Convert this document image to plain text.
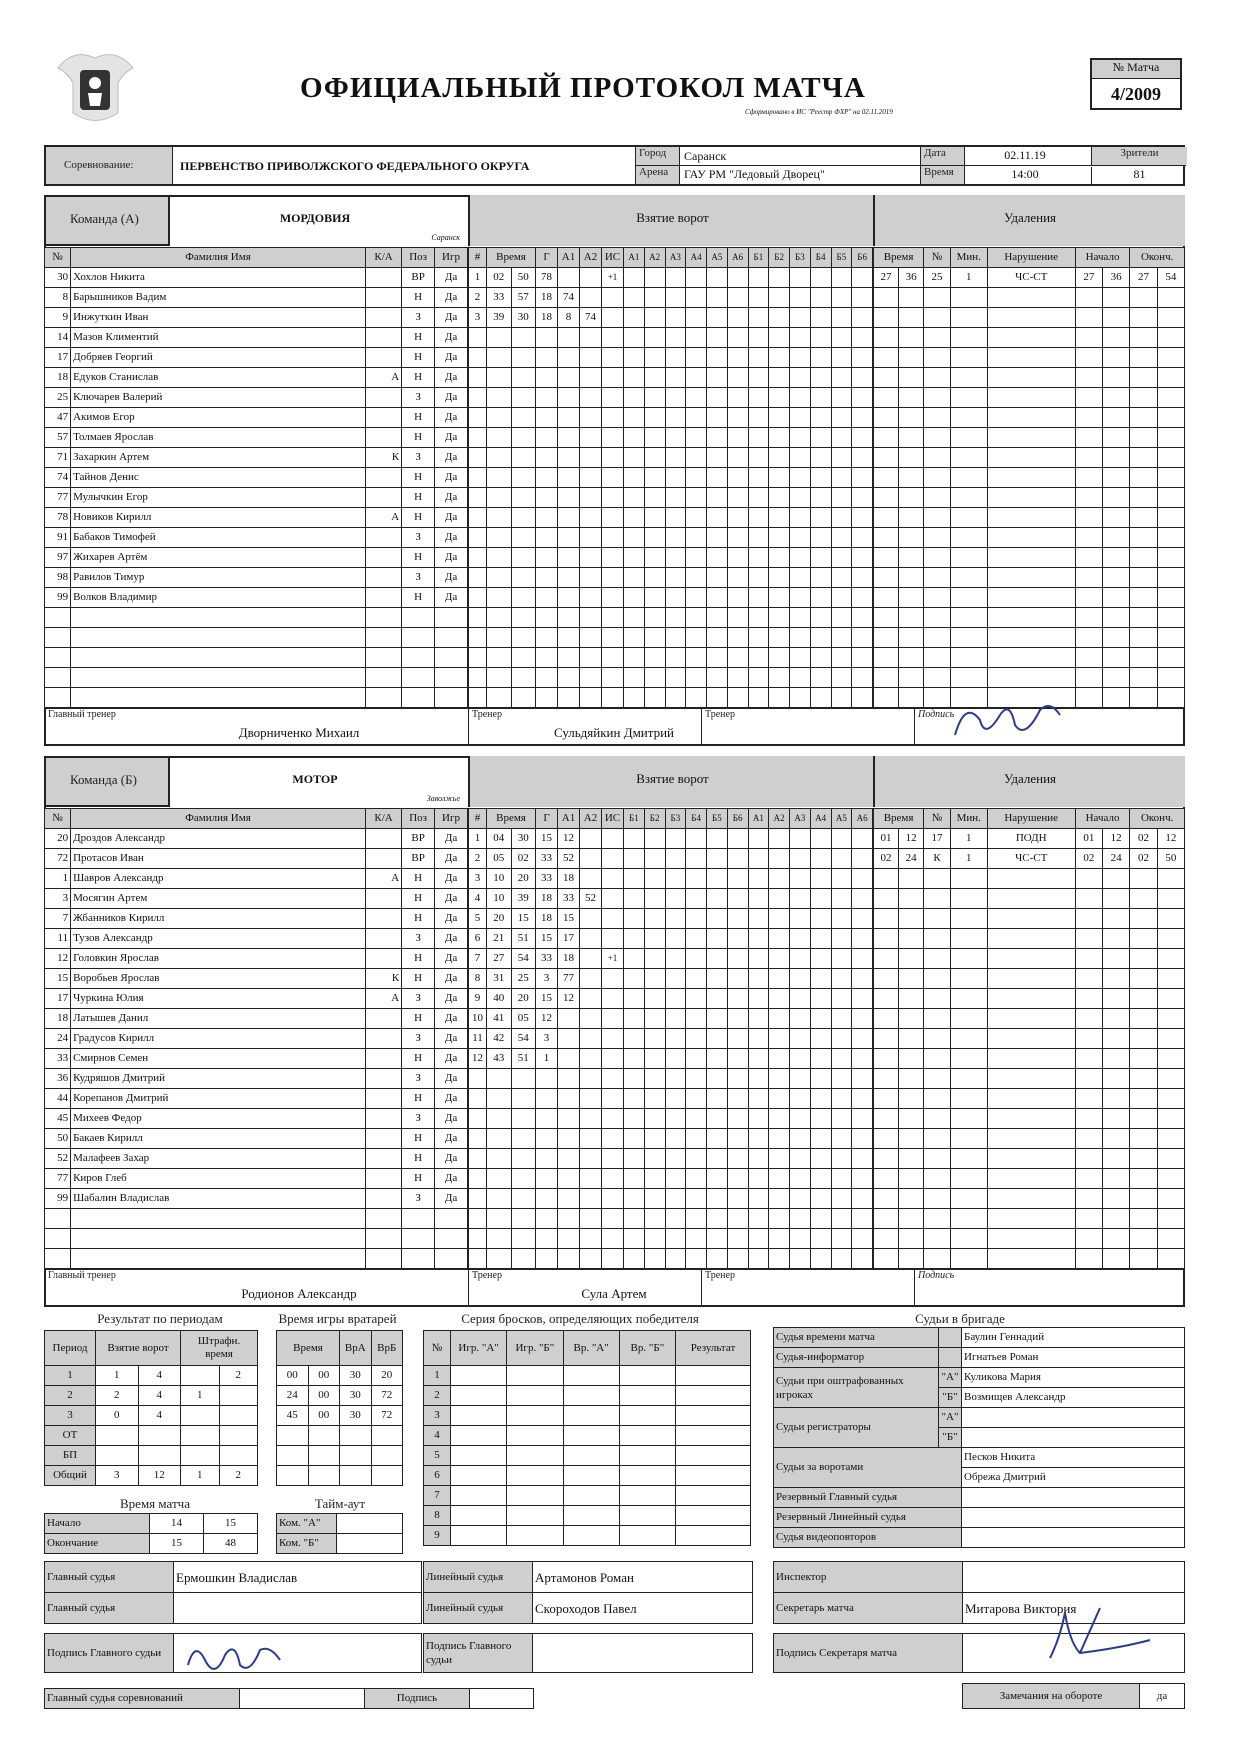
ОФИЦИАЛЬНЫЙ ПРОТОКОЛ МАТЧА
Сформировано в ИС "Реестр ФХР" на 02.11.2019
№ Матча
4/2009
Соревнование:	ПЕРВЕНСТВО ПРИВОЛЖСКОГО ФЕДЕРАЛЬНОГО ОКРУГА
Город	Саранск
Арена	ГАУ РМ "Ледовый Дворец"
Дата	02.11.19
Время	14:00
Зрители
81
Команда (А)	МОРДОВИЯ
Саранск
Взятие ворот	Удаления
№	Фамилия Имя	К/А	Поз	Игр
30	Хохлов Никита		ВР	Да
8	Барышников Вадим		Н	Да
9	Инжуткин Иван		З	Да
14	Мазов Климентий		Н	Да
17	Добряев Георгий		Н	Да
18	Едуков Станислав	А	Н	Да
25	Ключарев Валерий		З	Да
47	Акимов Егор		Н	Да
57	Толмаев Ярослав		Н	Да
71	Захаркин Артем	К	З	Да
74	Тайнов Денис		Н	Да
77	Мулычкин Егор		Н	Да
78	Новиков Кирилл	А	Н	Да
91	Бабаков Тимофей		З	Да
97	Жихарев Артём		Н	Да
98	Равилов Тимур		З	Да
99	Волков Владимир		Н	Да

#	Время		Г	А1	А2	ИС	А1	А2	А3	А4	А5	А6	Б1	Б2	Б3	Б4	Б5	Б6
1	02	50	78			+1												
2	33	57	18	74														
3	39	30	18	8	74													

Время		№	Мин.	Нарушение	Начало		Оконч.	
27	36	25	1	ЧС-СТ	27	36	27	54

Главный тренер
Дворниченко Михаил
Тренер
Сульдяйкин Дмитрий
Тренер	Подпись
Команда (Б)	МОТОР
Заволжье
Взятие ворот	Удаления
№	Фамилия Имя	К/А	Поз	Игр
20	Дроздов Александр		ВР	Да
72	Протасов Иван		ВР	Да
1	Шавров Александр	А	Н	Да
3	Мосягин Артем		Н	Да
7	Жбанников Кирилл		Н	Да
11	Тузов Александр		З	Да
12	Головкин Ярослав		Н	Да
15	Воробьев Ярослав	К	Н	Да
17	Чуркина Юлия	А	З	Да
18	Латышев Данил		Н	Да
24	Градусов Кирилл		З	Да
33	Смирнов Семен		Н	Да
36	Кудряшов Дмитрий		З	Да
44	Корепанов Дмитрий		Н	Да
45	Михеев Федор		З	Да
50	Бакаев Кирилл		Н	Да
52	Малафеев Захар		Н	Да
77	Киров Глеб		Н	Да
99	Шабалин Владислав		З	Да

#	Время		Г	А1	А2	ИС	Б1	Б2	Б3	Б4	Б5	Б6	А1	А2	А3	А4	А5	А6
1	04	30	15	12														
2	05	02	33	52														
3	10	20	33	18														
4	10	39	18	33	52													
5	20	15	18	15														
6	21	51	15	17														
7	27	54	33	18		+1												
8	31	25	3	77														
9	40	20	15	12														
10	41	05	12															
11	42	54	3															
12	43	51	1															

Время		№	Мин.	Нарушение	Начало		Оконч.	
01	12	17	1	ПОДН	01	12	02	12
02	24	К	1	ЧС-СТ	02	24	02	50

Главный тренер
Родионов Александр
Тренер
Сула Артем
Тренер	Подпись
Результат по периодам
Период	Взятие ворот		Штрафн. время	
1	1	4		2
2	2	4	1	
3	0	4		
ОТ				
БП				
Общий	3	12	1	2
Время игры вратарей
Время		ВрА	ВрБ
00	00	30	20
24	00	30	72
45	00	30	72

Время матча
Начало	14	15
Окончание	15	48
Тайм-аут
Ком. "А"	
Ком. "Б"	
Серия бросков, определяющих победителя
№	Игр. "А"	Игр. "Б"	Вр. "А"	Вр. "Б"	Результат
1					
2					
3					
4					
5					
6					
7					
8					
9					
Судьи в бригаде
Судья времени матча		Баулин Геннадий
Судья-информатор		Игнатьев Роман
Судьи при оштрафованных игроках	"А"	Куликова Мария
	"Б"	Возмищев Александр
Судьи регистраторы	"А"	
	"Б"	
Судьи за воротами		Песков Никита
		Обрежа Дмитрий
Резервный Главный судья		
Резервный Линейный судья		
Судья видеоповторов		
Главный судья	Ермошкин Владислав
Главный судья	
Линейный судья	Артамонов Роман
Линейный судья	Скороходов Павел
Инспектор	
Секретарь матча	Митарова Виктория
Подпись Главного судьи	
Подпись Главного судьи	
Подпись Секретаря матча	
Главный судья соревнований		Подпись		Замечания на обороте	да
